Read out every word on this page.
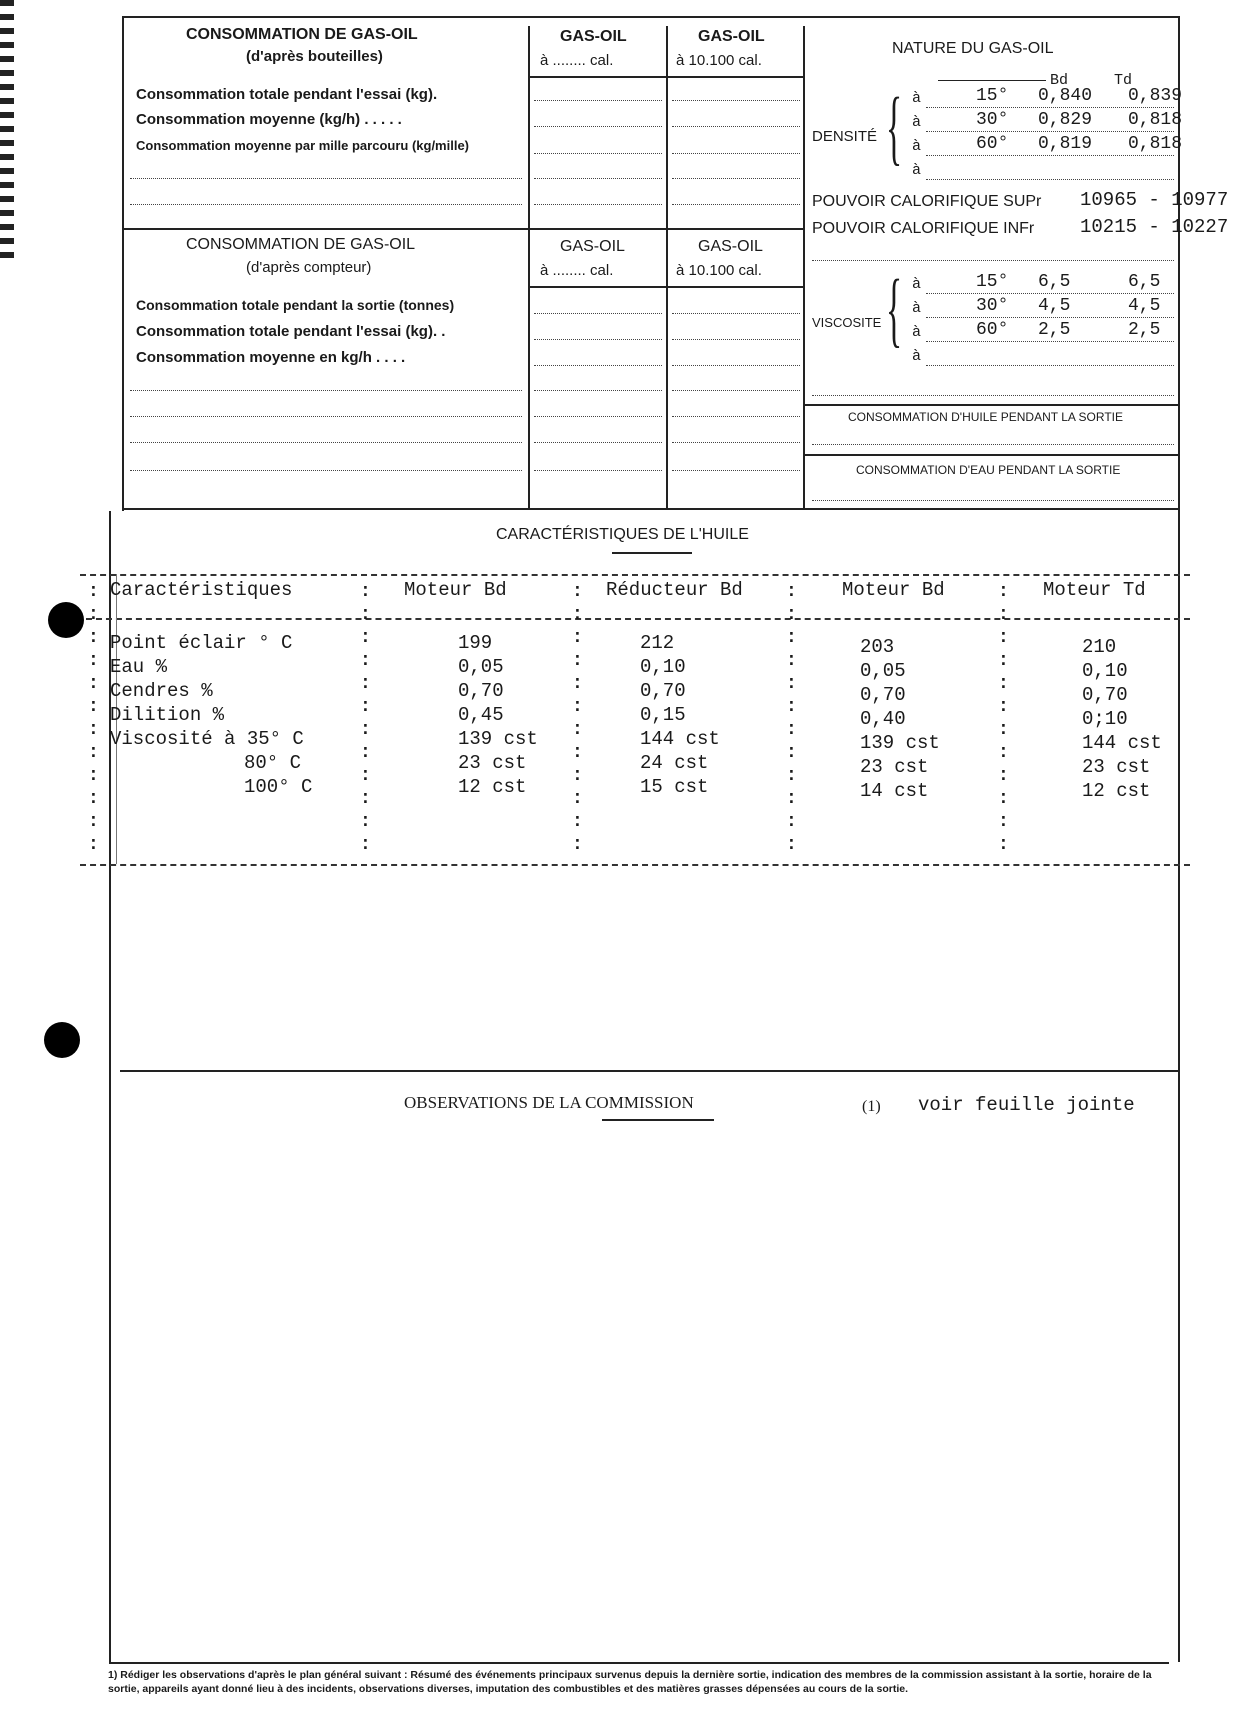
CONSOMMATION DE GAS-OIL
(d'après bouteilles)
GAS-OIL
à ........ cal.
GAS-OIL
à 10.100 cal.
Consommation totale pendant l'essai (kg).
Consommation moyenne (kg/h) . . . . .
Consommation moyenne par mille parcouru (kg/mille)
CONSOMMATION DE GAS-OIL
(d'après compteur)
GAS-OIL
à ........ cal.
GAS-OIL
à 10.100 cal.
Consommation totale pendant la sortie (tonnes)
Consommation totale pendant l'essai (kg). .
Consommation moyenne en kg/h . . . .
NATURE DU GAS-OIL
Bd	Td
DENSITÉ { à	15° 0,840 0,839
à	30° 0,829 0,818
à	60° 0,819 0,818
à
POUVOIR CALORIFIQUE SUPr 10965 - 10977
POUVOIR CALORIFIQUE INFr 10215 - 10227
VISCOSITE { à	15° 6,5	6,5
à	30° 4,5	4,5
à	60° 2,5	2,5
à
CONSOMMATION D'HUILE PENDANT LA SORTIE
CONSOMMATION D'EAU PENDANT LA SORTIE
CARACTÉRISTIQUES DE L'HUILE
Caractéristiques	Moteur Bd	Réducteur Bd	Moteur Bd	Moteur Td
:
:
:
:
:
:
:
:
:
:
:
:
:
:
:
:
:
:
:
:
:
:
:
:
:
:
:
:
:
:
:
:
:
:
:
:
:
:
:
:
:
:
:
:
:
:
:
:
:
:
:
:
:
:
:
:
:
:
:
:
Point éclair ° C	199	212	203	210
Eau %	0,05	0,10	0,05	0,10
Cendres %	0,70	0,70	0,70	0,70
Dilition %	0,45	0,15	0,40	0;10
Viscosité à 35° C	139 cst	144 cst	139 cst	144 cst
80° C	23 cst	24 cst	23 cst	23 cst
100° C	12 cst	15 cst	14 cst	12 cst
OBSERVATIONS DE LA COMMISSION	(1) voir feuille jointe
1) Rédiger les observations d'après le plan général suivant : Résumé des événements principaux survenus depuis la dernière sortie, indication des membres de la commission assistant à la sortie, horaire de la sortie, appareils ayant donné lieu à des incidents, observations diverses, imputation des combustibles et des matières grasses dépensées au cours de la sortie.
